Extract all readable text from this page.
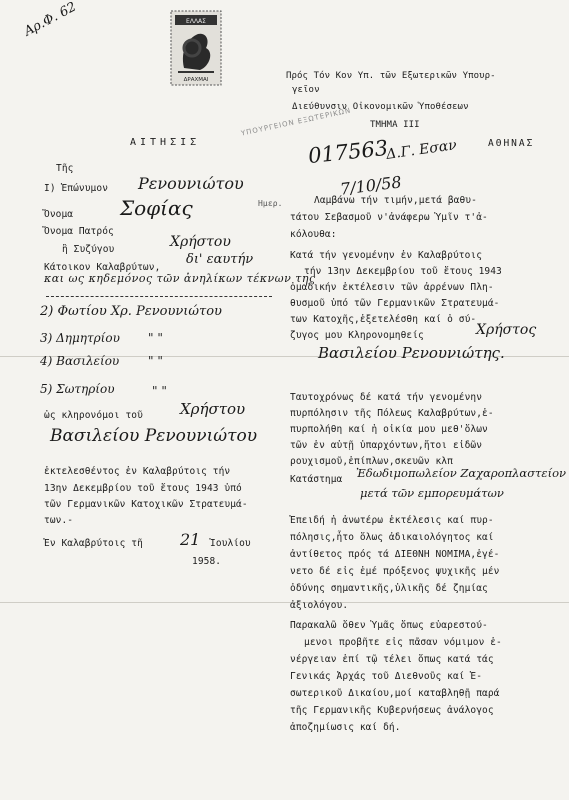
Αρ.Φ. 62	ΕΛΛΑΣ
ΔΡΑΧΜΑΙ	Πρός Τόν Κον Υπ. τῶν Εξωτερικῶν Υπουρ-
γεῖον
Διεύθυνσιν Οἰκονομικῶν Ὑποθέσεων
ΤΜΗΜΑ III
ΑΘΗΝΑΣ
ΥΠΟΥΡΓΕΙΟΝ ΕΞΩΤΕΡΙΚΩΝ
ΑΙΤΗΣΙΣ	017563
Δ.Γ. Εσαν
Ημερ.
7/10/58
Τῆς
I) Ἐπώνυμον Ρενουνιώτου
Ὄνομα Σοφίας
Ὄνομα Πατρός
ἢ Συζύγου	Χρήστου
Κάτοικον Καλαβρύτων,
δι' εαυτήν
και ως κηδεμόνος τῶν ἀνηλίκων τέκνων της
2) Φωτίου Χρ. Ρενουνιώτου
3) Δημητρίου " "
4) Βασιλείου " "
5) Σωτηρίου	" "
ὡς κληρονόμοι τοῦ Χρήστου
Βασιλείου Ρενουνιώτου
ἐκτελεσθέντος ἐν Καλαβρύτοις τήν
13ην Δεκεμβρίου τοῦ ἔτους 1943 ὑπό
τῶν Γερμανικῶν Κατοχικῶν Στρατευμά-
των.-
Ἐν Καλαβρύτοις τῆ 21 Ἰουλίου
1958.
Λαμβάνω τήν τιμήν,μετά βαθυ-
τάτου Σεβασμοῦ ν'ἀνάφερω Ὑμῖν τ'ἀ-
κόλουθα:
Κατά τήν γενομένην ἐν Καλαβρύτοις
τήν 13ην Δεκεμβρίου τοῦ ἔτους 1943
ὁμαδικήν ἐκτέλεσιν τῶν ἀρρένων Πλη-
θυσμοῦ ὑπό τῶν Γερμανικῶν Στρατευμά-
των Κατοχῆς,ἐξετελέσθη καί ὁ σύ-
ζυγος μου Κληρονομηθείς	Χρήστος
Βασιλείου Ρενουνιώτης.
Ταυτοχρόνως δέ κατά τήν γενομένην
πυρπόλησιν τῆς Πόλεως Καλαβρύτων,ἐ-
πυρπολήθη καί ἡ οἰκία μου μεθ'ὅλων
τῶν ἐν αὐτῇ ὑπαρχόντων,ἤτοι εἰδῶν
ρουχισμοῦ,ἐπίπλων,σκευῶν κλπ
Κατάστημα Ἐδωδιμοπωλείον Ζαχαροπλαστείον
μετά τῶν εμπορευμάτων
Ἐπειδή ἡ ἀνωτέρω ἐκτέλεσις καί πυρ-
πόλησις,ἦτο ὅλως ἀδικαιολόγητος καί
ἀντίθετος πρός τά ΔΙΕΘΝΗ ΝΟΜΙΜΑ,ἐγέ-
νετο δέ εἰς ἐμέ πρόξενος ψυχικῆς μέν
ὀδύνης σημαντικῆς,ὑλικῆς δέ ζημίας
ἀξιολόγου.
Παρακαλῶ ὅθεν Ὑμᾶς ὅπως εὐαρεστού-
μενοι προβῆτε εἰς πᾶσαν νόμιμον ἐ-
νέργειαν ἐπί τῷ τέλει ὅπως κατά τάς
Γενικάς Ἀρχάς τοῦ Διεθνοῦς καί Ἐ-
σωτερικοῦ Δικαίου,μοί καταβληθῇ παρά
τῆς Γερμανικῆς Κυβερνήσεως ἀνάλογος
ἀποζημίωσις καί δή.
